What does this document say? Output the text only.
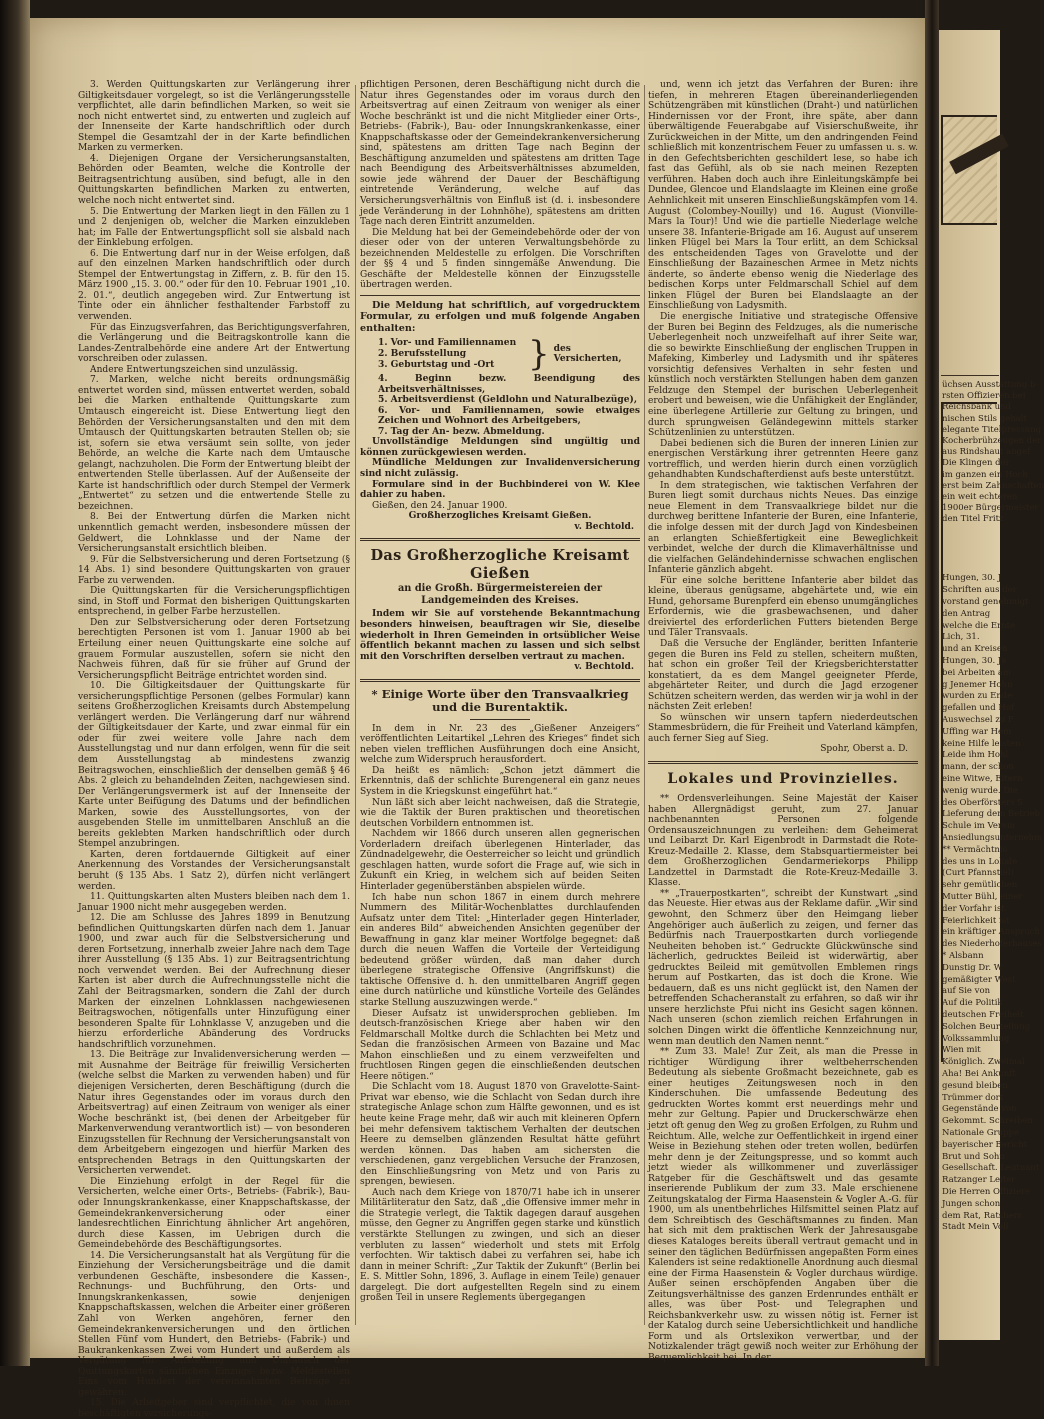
üchsen Ausstattung b
rsten Offizieren bei
Reichsbank und
nischen Stils gehalt
elegante Titelpressung
Kocherbrühzeugen der
aus Rindshaut angef
Die Klingen der
im ganzen ein Hoch
erst beim Zahnschaften
ein weit echteren
1900er Bürgermeister
den Titel Fritz
Hungen, 30. J
Schriften aus der
vorstand genehmigt
den Antrag
welche die Ernte
Lich, 31.
und an Kreisen
Hungen, 30. Ja
bei Arbeiten am
g Jenemer Hohn
wurden zu Ende
gefallen und Hof
Auswechsel zu F
Uffing war Hem
keine Hilfe leisten
Leide ihm Hohl
mann, der schon
eine Witwe, Eltern
wenig wurde. Die
des Oberförsters S
Lieferung dem Betrieb
Schule im Verein
Ansiedlungsunternehm
** Vermächtnis
des uns in Lokale
(Curt Pfannstiel)
sehr gemütlichen
Mutter Bühl, einer
der Vorfahr ist
Feierlichkeit ist
ein kräftiger Anspruch
des Niederhoferhauses
* Alsbann
Dunstig Dr. W
gemäßigter West
auf Sie von
Auf die Politik
deutschen Freiheit
Solchen Beurteilung
Volkssammlung
Wien mit
Königlich. Zweimal
Aha! Bei Ankunft
gesund bleiben
Trümmer dort
Gegenstände von
Gekommt. Schreiben
Nationale Gruppe
bayerischer Bericht
Brut und Sohn
Gesellschaft. Leutnant
Ratzanger Leiter
Die Herren Offiziere
Jungen schon
dem Rat, Ratsherr
Stadt Mein Voll

3. Werden Quittungskarten zur Verlängerung ihrer Giltigkeitsdauer vorgelegt, so ist die Verlängerungsstelle verpflichtet, alle darin befindlichen Marken, so weit sie noch nicht entwertet sind, zu entwerten und zugleich auf der Innenseite der Karte handschriftlich oder durch Stempel die Gesamtzahl der in der Karte befindlichen Marken zu vermerken.

4. Diejenigen Organe der Versicherungsanstalten, Behörden oder Beamten, welche die Kontrolle der Beitragsentrichtung ausüben, sind befugt, alle in den Quittungskarten befindlichen Marken zu entwerten, welche noch nicht entwertet sind.

5. Die Entwertung der Marken liegt in den Fällen zu 1 und 2 denjenigen ob, welcher die Marken einzukleben hat; im Falle der Entwertungspflicht soll sie alsbald nach der Einklebung erfolgen.

6. Die Entwertung darf nur in der Weise erfolgen, daß auf den einzelnen Marken handschriftlich oder durch Stempel der Entwertungstag in Ziffern, z. B. für den 15. März 1900 „15. 3. 00.“ oder für den 10. Februar 1901 „10. 2. 01.“, deutlich angegeben wird. Zur Entwertung ist Tinte oder ein ähnlicher festhaltender Farbstoff zu verwenden.

Für das Einzugsverfahren, das Berichtigungsverfahren, die Verlängerung und die Beitragskontrolle kann die Landes-Zentralbehörde eine andere Art der Entwertung vorschreiben oder zulassen.

Andere Entwertungszeichen sind unzulässig.

7. Marken, welche nicht bereits ordnungsmäßig entwertet worden sind, müssen entwertet werden, sobald bei die Marken enthaltende Quittungskarte zum Umtausch eingereicht ist. Diese Entwertung liegt den Behörden der Versicherungsanstalten und den mit dem Umtausch der Quittungskarten betrauten Stellen ob; sie ist, sofern sie etwa versäumt sein sollte, von jeder Behörde, an welche die Karte nach dem Umtausche gelangt, nachzuholen. Die Form der Entwertung bleibt der entwertenden Stelle überlassen. Auf der Außenseite der Karte ist handschriftlich oder durch Stempel der Vermerk „Entwertet“ zu setzen und die entwertende Stelle zu bezeichnen.

8. Bei der Entwertung dürfen die Marken nicht unkenntlich gemacht werden, insbesondere müssen der Geldwert, die Lohnklasse und der Name der Versicherungsanstalt ersichtlich bleiben.

9. Für die Selbstversicherung und deren Fortsetzung (§ 14 Abs. 1) sind besondere Quittungskarten von grauer Farbe zu verwenden.

Die Quittungskarten für die Versicherungspflichtigen sind, in Stoff und Format den bisherigen Quittungskarten entsprechend, in gelber Farbe herzustellen.

Den zur Selbstversicherung oder deren Fortsetzung berechtigten Personen ist vom 1. Januar 1900 ab bei Erteilung einer neuen Quittungskarte eine solche auf grauem Formular auszustellen, sofern sie nicht den Nachweis führen, daß für sie früher auf Grund der Versicherungspflicht Beiträge entrichtet worden sind.

10. Die Giltigkeitsdauer der Quittungskarte für versicherungspflichtige Personen (gelbes Formular) kann seitens Großherzoglichen Kreisamts durch Abstempelung verlängert werden. Die Verlängerung darf nur während der Giltigkeitsdauer der Karte, und zwar einmal für ein oder für zwei weitere volle Jahre nach dem Ausstellungstag und nur dann erfolgen, wenn für die seit dem Ausstellungstag ab mindestens zwanzig Beitragswochen, einschließlich der denselben gemäß § 46 Abs. 2 gleich zu behandelnden Zeiten, nachgewiesen sind. Der Verlängerungsvermerk ist auf der Innenseite der Karte unter Beifügung des Datums und der befindlichen Marken, sowie des Ausstellungsortes, von der ausgebenden Stelle im unmittelbaren Anschluß an die bereits geklebten Marken handschriftlich oder durch Stempel anzubringen.

Karten, deren fortdauernde Giltigkeit auf einer Anerkennung des Vorstandes der Versicherungsanstalt beruht (§ 135 Abs. 1 Satz 2), dürfen nicht verlängert werden.

11. Quittungskarten alten Musters bleiben nach dem 1. Januar 1900 nicht mehr ausgegeben werden.

12. Die am Schlusse des Jahres 1899 in Benutzung befindlichen Quittungskarten dürfen nach dem 1. Januar 1900, und zwar auch für die Selbstversicherung und deren Fortsetzung, innerhalb zweier Jahre nach dem Tage ihrer Ausstellung (§ 135 Abs. 1) zur Beitragsentrichtung noch verwendet werden. Bei der Aufrechnung dieser Karten ist aber durch die Aufrechnungsstelle nicht die Zahl der Beitragsmarken, sondern die Zahl der durch Marken der einzelnen Lohnklassen nachgewiesenen Beitragswochen, nötigenfalls unter Hinzufügung einer besonderen Spalte für Lohnklasse V, anzugeben und die hierzu erforderliche Abänderung des Vordrucks handschriftlich vorzunehmen.

13. Die Beiträge zur Invalidenversicherung werden — mit Ausnahme der Beiträge für freiwillig Versicherten (welche selbst die Marken zu verwenden haben) und für diejenigen Versicherten, deren Beschäftigung (durch die Natur ihres Gegenstandes oder im voraus durch den Arbeitsvertrag) auf einen Zeitraum von weniger als einer Woche beschränkt ist, (bei denen der Arbeitgeber für Markenverwendung verantwortlich ist) — von besonderen Einzugsstellen für Rechnung der Versicherungsanstalt von dem Arbeitgebern eingezogen und hierfür Marken des entsprechenden Betrags in den Quittungskarten der Versicherten verwendet.

Die Einziehung erfolgt in der Regel für die Versicherten, welche einer Orts-, Betriebs- (Fabrik-), Bau- oder Innungskrankenkasse, einer Knappschaftskasse, der Gemeindekrankenversicherung oder einer landesrechtlichen Einrichtung ähnlicher Art angehören, durch diese Kassen, im Uebrigen durch die Gemeindebehörde des Beschäftigungsortes.

14. Die Versicherungsanstalt hat als Vergütung für die Einziehung der Versicherungsbeiträge und die damit verbundenen Geschäfte, insbesondere die Kassen-, Rechnungs- und Buchführung, den Orts- und Innungskrankenkassen, sowie denjenigen Knappschaftskassen, welchen die Arbeiter einer größeren Zahl von Werken angehören, ferner den Gemeindekrankenversicherungen und den örtlichen Stellen Fünf vom Hundert, den Betriebs- (Fabrik-) und Baukrankenkassen Zwei vom Hundert und außerdem als Vergütung für Aufstellung und Umtausch der Quittungskarten sämtlichen Einzugs- bezw. Meldestellen Eins vom Hundert der vereinnahmten Beiträge zu gewähren.

15. Die Arbeitgeber sind verpflichtet, die von ihnen beschäftigten versicherungs-

pflichtigen Personen, deren Beschäftigung nicht durch die Natur ihres Gegenstandes oder im voraus durch den Arbeitsvertrag auf einen Zeitraum von weniger als einer Woche beschränkt ist und die nicht Mitglieder einer Orts-, Betriebs- (Fabrik-), Bau- oder Innungskrankenkasse, einer Knappschaftskasse oder der Gemeindekrankenversicherung sind, spätestens am dritten Tage nach Beginn der Beschäftigung anzumelden und spätestens am dritten Tage nach Beendigung des Arbeitsverhältnisses abzumelden, sowie jede während der Dauer der Beschäftigung eintretende Veränderung, welche auf das Versicherungsverhältnis von Einfluß ist (d. i. insbesondere jede Veränderung in der Lohnhöhe), spätestens am dritten Tage nach deren Eintritt anzumelden.

Die Meldung hat bei der Gemeindebehörde oder der von dieser oder von der unteren Verwaltungsbehörde zu bezeichnenden Meldestelle zu erfolgen. Die Vorschriften der §§ 4 und 5 finden sinngemäße Anwendung. Die Geschäfte der Meldestelle können der Einzugsstelle übertragen werden.

Die Meldung hat schriftlich, auf vorgedrucktem Formular, zu erfolgen und muß folgende Angaben enthalten:

1. Vor- und Familiennamen
2. Berufsstellung
3. Geburtstag und -Ort } des Versicherten,
4. Beginn bezw. Beendigung des Arbeitsverhältnisses,
5. Arbeitsverdienst (Geldlohn und Naturalbezüge),
6. Vor- und Familiennamen, sowie etwaiges Zeichen und Wohnort des Arbeitgebers,
7. Tag der An- bezw. Abmeldung.

Unvollständige Meldungen sind ungültig und können zurückgewiesen werden.

Mündliche Meldungen zur Invalidenversicherung sind nicht zulässig.

Formulare sind in der Buchbinderei von W. Klee dahier zu haben.

Gießen, den 24. Januar 1900.

Großherzogliches Kreisamt Gießen.

v. Bechtold.

Das Großherzogliche Kreisamt Gießen
an die Großh. Bürgermeistereien der Landgemeinden des Kreises.

Indem wir Sie auf vorstehende Bekanntmachung besonders hinweisen, beauftragen wir Sie, dieselbe wiederholt in Ihren Gemeinden in ortsüblicher Weise öffentlich bekannt machen zu lassen und sich selbst mit den Vorschriften derselben vertraut zu machen.

v. Bechtold.

* Einige Worte über den Transvaalkrieg und die Burentaktik.

In dem in Nr. 23 des „Gießener Anzeigers“ veröffentlichten Leitartikel „Lehren des Krieges“ findet sich neben vielen trefflichen Ausführungen doch eine Ansicht, welche zum Widerspruch herausfordert.

Da heißt es nämlich: „Schon jetzt dämmert die Erkenntnis, daß der schlichte Burengeneral ein ganz neues System in die Kriegskunst eingeführt hat.“

Nun läßt sich aber leicht nachweisen, daß die Strategie, wie die Taktik der Buren praktischen und theoretischen deutschen Vorbildern entnommen ist.

Nachdem wir 1866 durch unseren allen gegnerischen Vorderladern dreifach überlegenen Hinterlader, das Zündnadelgewehr, die Oesterreicher so leicht und gründlich geschlagen hatten, wurde sofort die Frage auf, wie sich in Zukunft ein Krieg, in welchem sich auf beiden Seiten Hinterlader gegenüberstänben abspielen würde.

Ich habe nun schon 1867 in einem durch mehrere Nummern des Militär-Wochenblattes durchlaufenden Aufsatz unter dem Titel: „Hinterlader gegen Hinterlader, ein anderes Bild“ abweichenden Ansichten gegenüber der Bewaffnung in ganz klar meiner Wortfolge begegnet: daß durch die neuen Waffen die Vorteile der Verteidigung bedeutend größer würden, daß man daher durch überlegene strategische Offensive (Angriffskunst) die taktische Offensive d. h. den unmittelbaren Angriff gegen eine durch natürliche und künstliche Vorteile des Geländes starke Stellung auszuzwingen werde.“

Dieser Aufsatz ist unwidersprochen geblieben. Im deutsch-französischen Kriege aber haben wir den Feldmarschall Moltke durch die Schlachten bei Metz und Sedan die französischen Armeen von Bazaine und Mac Mahon einschließen und zu einem verzweifelten und fruchtlosen Ringen gegen die einschließenden deutschen Heere nötigen.“

Die Schlacht vom 18. August 1870 von Gravelotte-Saint-Privat war ebenso, wie die Schlacht von Sedan durch ihre strategische Anlage schon zum Hälfte gewonnen, und es ist heute keine Frage mehr, daß wir auch mit kleineren Opfern bei mehr defensivem taktischem Verhalten der deutschen Heere zu demselben glänzenden Resultat hätte geführt werden können. Das haben am sichersten die verschiedenen, ganz vergeblichen Versuche der Franzosen, den Einschließungsring von Metz und von Paris zu sprengen, bewiesen.

Auch nach dem Kriege von 1870/71 habe ich in unserer Militärliteratur den Satz, daß „die Offensive immer mehr in die Strategie verlegt, die Taktik dagegen darauf ausgehen müsse, den Gegner zu Angriffen gegen starke und künstlich verstärkte Stellungen zu zwingen, und sich an dieser verbluten zu lassen“ wiederholt und stets mit Erfolg verfochten. Wir taktisch dabei zu verfahren sei, habe ich dann in meiner Schrift: „Zur Taktik der Zukunft“ (Berlin bei E. S. Mittler Sohn, 1896, 3. Auflage in einem Teile) genauer dargelegt. Die dort aufgestellten Regeln sind zu einem großen Teil in unsere Reglements übergegangen

und, wenn ich jetzt das Verfahren der Buren: ihre tiefen, in mehreren Etagen übereinanderliegenden Schützengräben mit künstlichen (Draht-) und natürlichen Hindernissen vor der Front, ihre späte, aber dann überwältigende Feuerabgabe auf Visierschußweite, ihr Zurückweichen in der Mitte, um den andringenden Feind schließlich mit konzentrischem Feuer zu umfassen u. s. w. in den Gefechtsberichten geschildert lese, so habe ich fast das Gefühl, als ob sie nach meinen Rezepten verführen. Haben doch auch ihre Einleitungskämpfe bei Dundee, Glencoe und Elandslaagte im Kleinen eine große Aehnlichkeit mit unseren Einschließungskämpfen vom 14. August (Colombey-Nouilly) und 16. August (Vionville-Mars la Tour)! Und wie die partielle Niederlage welche unsere 38. Infanterie-Brigade am 16. August auf unserem linken Flügel bei Mars la Tour erlitt, an dem Schicksal des entscheidenden Tages von Gravelotte und der Einschließung der Bazaineschen Armee in Metz nichts änderte, so änderte ebenso wenig die Niederlage des bedischen Korps unter Feldmarschall Schiel auf dem linken Flügel der Buren bei Elandslaagte an der Einschließung von Ladysmith.

Die energische Initiative und strategische Offensive der Buren bei Beginn des Feldzuges, als die numerische Ueberlegenheit noch unzweifelhaft auf ihrer Seite war, die so bewirkte Einschließung der englischen Truppen in Mafeking, Kimberley und Ladysmith und ihr späteres vorsichtig defensives Verhalten in sehr festen und künstlich noch verstärkten Stellungen haben dem ganzen Feldzuge den Stempel der burischen Ueberlegenheit erobert und beweisen, wie die Unfähigkeit der Engländer, eine überlegene Artillerie zur Geltung zu bringen, und durch sprungweisen Geländegewinn mittels starker Schützenlinien zu unterstützen.

Dabei bedienen sich die Buren der inneren Linien zur energischen Verstärkung ihrer getrennten Heere ganz vortrefflich, und werden hierin durch einen vorzüglich gehandhabten Kundschafterdienst aufs beste unterstützt.

In dem strategischen, wie taktischen Verfahren der Buren liegt somit durchaus nichts Neues. Das einzige neue Element in dem Transvaalkriege bildet nur die durchweg berittene Infanterie der Buren, eine Infanterie, die infolge dessen mit der durch Jagd von Kindesbeinen an erlangten Schießfertigkeit eine Beweglichkeit verbindet, welche der durch die Klimaverhältnisse und die vielfachen Geländehindernisse schwachen englischen Infanterie gänzlich abgeht.

Für eine solche berittene Infanterie aber bildet das kleine, überaus genügsame, abgehärtete und, wie ein Hund, gehorsame Burenpferd ein ebenso unumgängliches Erfordernis, wie die grasbewachsenen, und daher dreiviertel des erforderlichen Futters bietenden Berge und Täler Transvaals.

Daß die Versuche der Engländer, beritten Infanterie gegen die Buren ins Feld zu stellen, scheitern mußten, hat schon ein großer Teil der Kriegsberichterstatter konstatiert, da es dem Mangel geeigneter Pferde, abgehärteter Reiter, und durch die Jagd erzogener Schützen scheitern werden, das werden wir ja wohl in der nächsten Zeit erleben!

So wünschen wir unsern tapfern niederdeutschen Stammesbrüdern, die für Freiheit und Vaterland kämpfen, auch ferner Sieg auf Sieg.

Spohr, Oberst a. D.

Lokales und Provinzielles.

** Ordensverleihungen. Seine Majestät der Kaiser haben Allergnädigst geruht, zum 27. Januar nachbenannten Personen folgende Ordensauszeichnungen zu verleihen: dem Geheimerat und Leibarzt Dr. Karl Eigenbrodt in Darmstadt die Rote-Kreuz-Medaille 2. Klasse, dem Stabsquartiermeister bei dem Großherzoglichen Gendarmeriekorps Philipp Landzettel in Darmstadt die Rote-Kreuz-Medaille 3. Klasse.

** „Trauerpostkarten“, schreibt der Kunstwart „sind das Neueste. Hier etwas aus der Reklame dafür. „Wir sind gewohnt, den Schmerz über den Heimgang lieber Angehöriger auch äußerlich zu zeigen, und ferner das Bedürfnis nach Trauerpostkarten durch vorliegende Neuheiten behoben ist.“ Gedruckte Glückwünsche sind lächerlich, gedrucktes Beileid ist widerwärtig, aber gedrucktes Beileid mit gemütvollen Emblemen rings herum auf Postkarten, das ist doch die Krone. Wie bedauern, daß es uns nicht geglückt ist, den Namen der betreffenden Schacheranstalt zu erfahren, so daß wir ihr unsere herzlichste Pfui nicht ins Gesicht sagen können. Nach unseren (schon ziemlich reichen Erfahrungen in solchen Dingen wirkt die öffentliche Kennzeichnung nur, wenn man deutlich den Namen nennt.“

** Zum 33. Male! Zur Zeit, als man die Presse in richtiger Würdigung ihrer weltbeherrschenden Bedeutung als siebente Großmacht bezeichnete, gab es einer heutiges Zeitungswesen noch in den Kinderschuhen. Die umfassende Bedeutung des gedruckten Wortes kommt erst neuerdings mehr und mehr zur Geltung. Papier und Druckerschwärze ehen jetzt oft genug den Weg zu großen Erfolgen, zu Ruhm und Reichtum. Alle, welche zur Oeffentlichkeit in irgend einer Weise in Beziehung stehen oder treten wollen, bedürfen mehr denn je der Zeitungspresse, und so kommt auch jetzt wieder als willkommener und zuverlässiger Ratgeber für die Geschäftswelt und das gesamte inserierende Publikum der zum 33. Male erschienene Zeitungskatalog der Firma Haasenstein & Vogler A.-G. für 1900, um als unentbehrliches Hilfsmittel seinen Platz auf dem Schreibtisch des Geschäftsmannes zu finden. Man hat sich mit dem praktischen Werk der Jahresausgabe dieses Kataloges bereits überall vertraut gemacht und in seiner den täglichen Bedürfnissen angepaßten Form eines Kalenders ist seine redaktionelle Anordnung auch diesmal eine der Firma Haasenstein & Vogler durchaus würdige. Außer seinen erschöpfenden Angaben über die Zeitungsverhältnisse des ganzen Erdenrundes enthält er alles, was über Post- und Telegraphen und Reichsbankverkehr usw. zu wissen nötig ist. Ferner ist der Katalog durch seine Uebersichtlichkeit und handliche Form und als Ortslexikon verwertbar, und der Notizkalender trägt gewiß noch weiter zur Erhöhung der Bequemlichkeit bei. In der
